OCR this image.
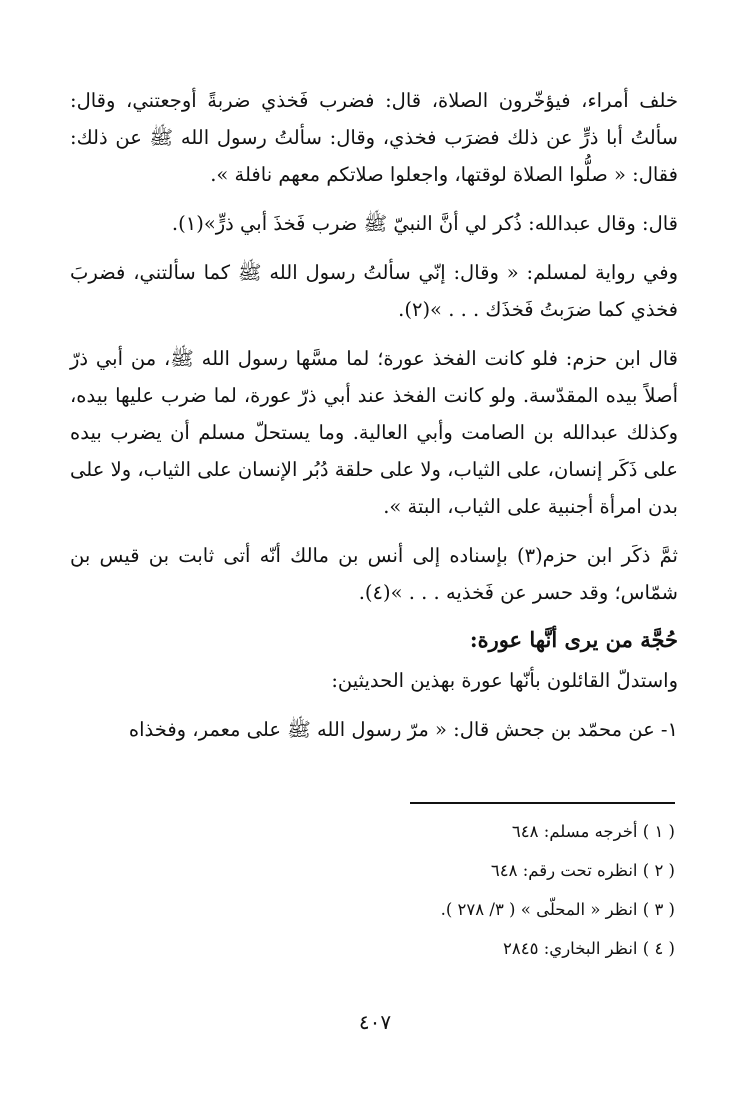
خلف أمراء، فيؤخّرون الصلاة، قال: فضرب فَخذي ضربةً أوجعتني، وقال: سألتُ أبا ذرٍّ عن ذلك فضرَب فخذي، وقال: سألتُ رسول الله ﷺ عن ذلك: فقال: « صلُّوا الصلاة لوقتها، واجعلوا صلاتكم معهم نافلة ».

قال: وقال عبدالله: ذُكر لي أنَّ النبيّ ﷺ ضرب فَخذَ أبي ذرٍّ»(١).

وفي رواية لمسلم: « وقال: إنّي سألتُ رسول الله ﷺ كما سألتني، فضربَ فخذي كما ضرَبتُ فَخذَك . . . »(٢).

قال ابن حزم: فلو كانت الفخذ عورة؛ لما مسَّها رسول الله ﷺ، من أبي ذرّ أصلاً بيده المقدّسة. ولو كانت الفخذ عند أبي ذرّ عورة، لما ضرب عليها بيده، وكذلك عبدالله بن الصامت وأبي العالية. وما يستحلّ مسلم أن يضرب بيده على ذَكَر إنسان، على الثياب، ولا على حلقة دُبُر الإنسان على الثياب، ولا على بدن امرأة أجنبية على الثياب، البتة ».

ثمَّ ذكَر ابن حزم(٣) بإسناده إلى أنس بن مالك أنّه أتى ثابت بن قيس بن شمّاس؛ وقد حسر عن فَخذيه . . . »(٤).

حُجَّة من يرى أنَّها عورة:

واستدلّ القائلون بأنّها عورة بهذين الحديثين:

١- عن محمّد بن جحش قال: « مرّ رسول الله ﷺ على معمر، وفخذاه

( ١ ) أخرجه مسلم: ٦٤٨

( ٢ ) انظره تحت رقم: ٦٤٨

( ٣ ) انظر « المحلّى » ( ٣/ ٢٧٨ ).

( ٤ ) انظر البخاري: ٢٨٤٥

٤٠٧
